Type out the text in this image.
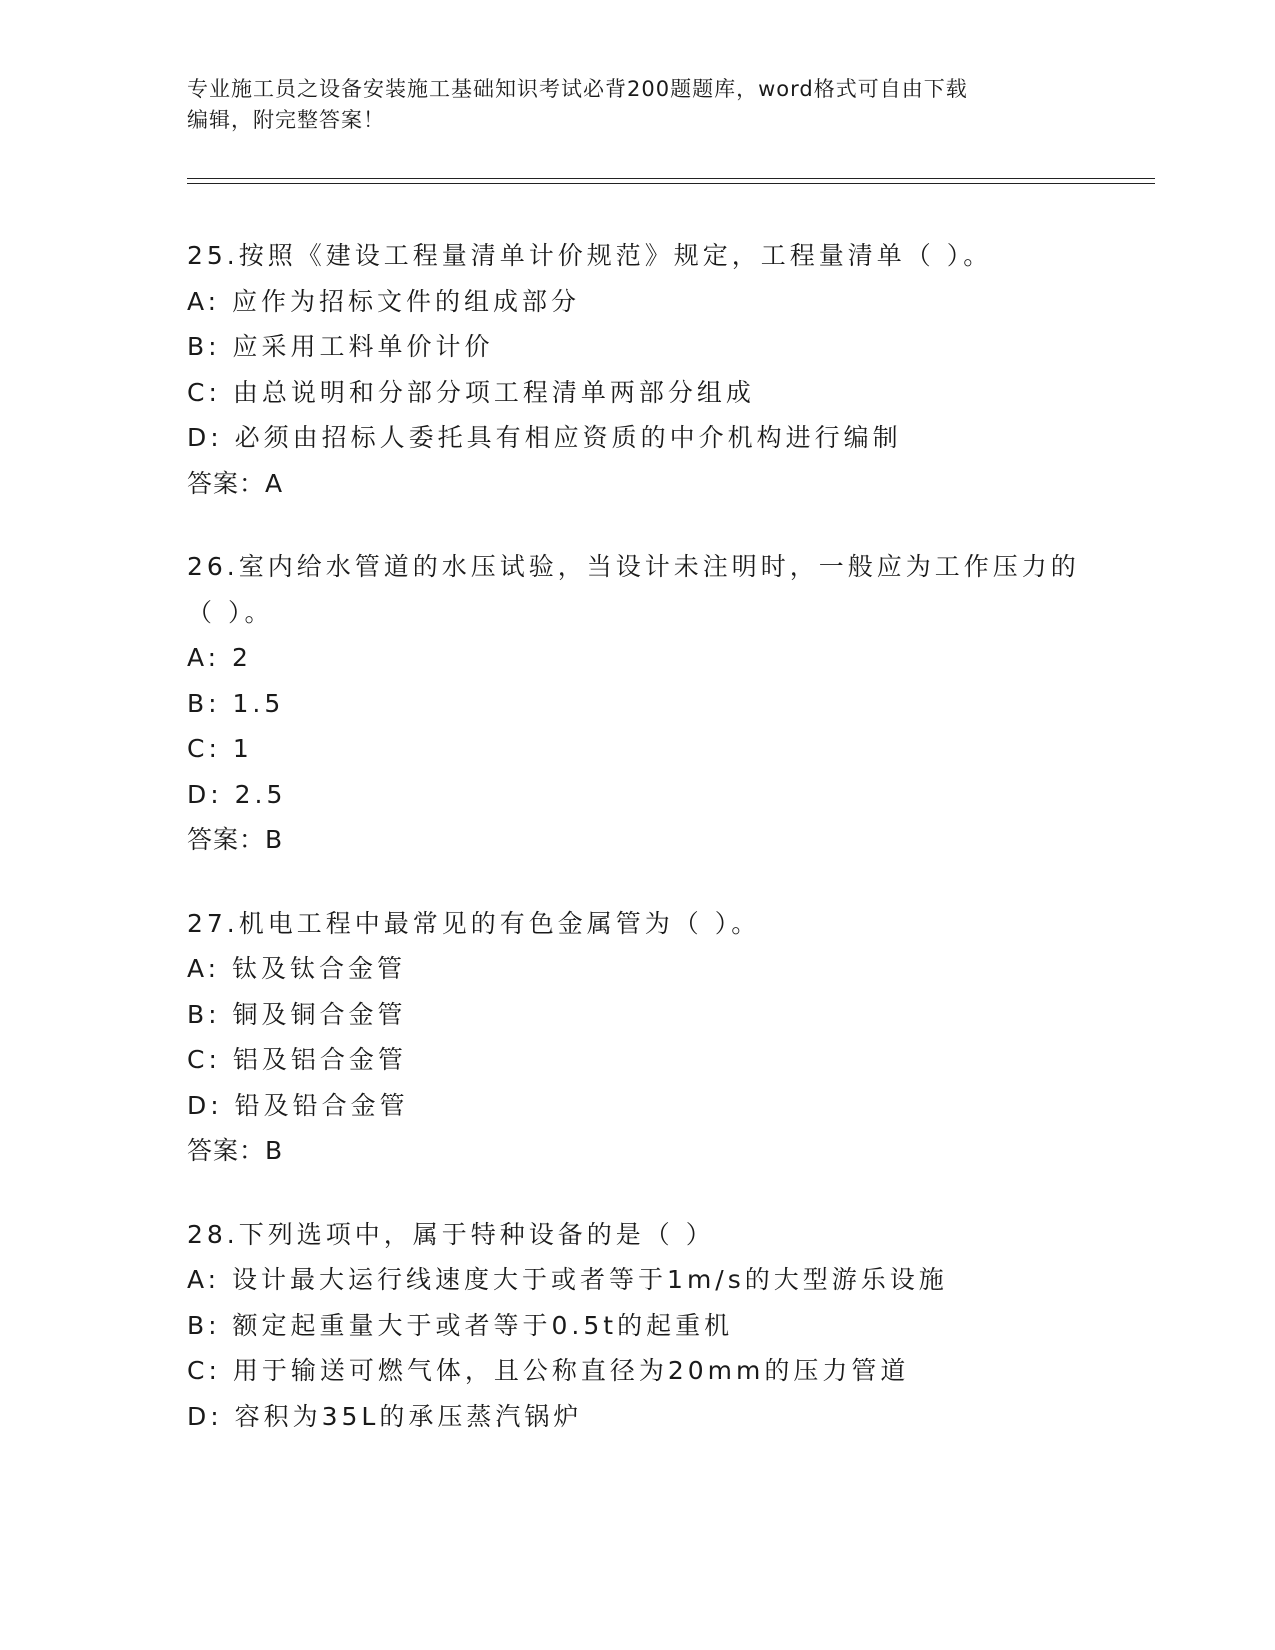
专业施工员之设备安装施工基础知识考试必背200题题库，word格式可自由下载
编辑，附完整答案！
25.按照《建设工程量清单计价规范》规定，工程量清单（ ）。
A: 应作为招标文件的组成部分
B: 应采用工料单价计价
C: 由总说明和分部分项工程清单两部分组成
D: 必须由招标人委托具有相应资质的中介机构进行编制
答案：A
26.室内给水管道的水压试验，当设计未注明时，一般应为工作压力的
（ ）。
A: 2
B: 1.5
C: 1
D: 2.5
答案：B
27.机电工程中最常见的有色金属管为（ ）。
A: 钛及钛合金管
B: 铜及铜合金管
C: 铝及铝合金管
D: 铅及铅合金管
答案：B
28.下列选项中，属于特种设备的是（ ）
A: 设计最大运行线速度大于或者等于1m/s的大型游乐设施
B: 额定起重量大于或者等于0.5t的起重机
C: 用于输送可燃气体，且公称直径为20mm的压力管道
D: 容积为35L的承压蒸汽锅炉
